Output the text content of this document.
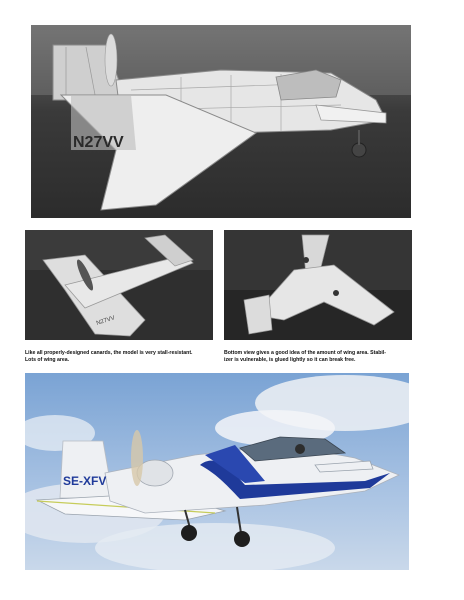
N27VV
N27VV
Like all properly-designed canards, the model is very stall-resistant.
Lots of wing area.
Bottom view gives a good idea of the amount of wing area. Stabil-
izer is vulnerable, is glued lightly so it can break free.
SE-XFV
